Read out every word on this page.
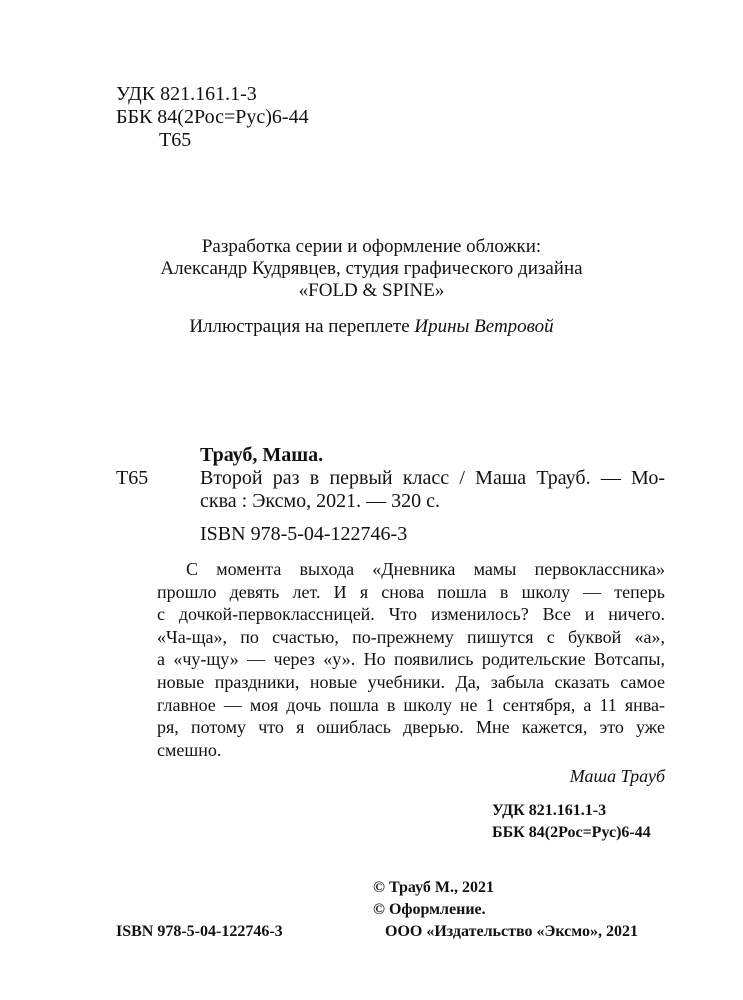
УДК 821.161.1-3
ББК 84(2Рос=Рус)6-44
Т65
Разработка серии и оформление обложки:
Александр Кудрявцев, студия графического дизайна
«FOLD & SPINE»
Иллюстрация на переплете Ирины Ветровой
Трауб, Маша.
Т65	Второй раз в первый класс / Маша Трауб. — Мо-
сква : Эксмо, 2021. — 320 с.
ISBN 978-5-04-122746-3
С момента выхода «Дневника мамы первоклассника»
прошло девять лет. И я снова пошла в школу — теперь
с дочкой-первоклассницей. Что изменилось? Все и ничего.
«Ча-ща», по счастью, по-прежнему пишутся с буквой «а»,
а «чу-щу» — через «у». Но появились родительские Вотсапы,
новые праздники, новые учебники. Да, забыла сказать самое
главное — моя дочь пошла в школу не 1 сентября, а 11 янва-
ря, потому что я ошиблась дверью. Мне кажется, это уже
смешно.
Маша Трауб
УДК 821.161.1-3
ББК 84(2Рос=Рус)6-44
© Трауб М., 2021
© Оформление.
ООО «Издательство «Эксмо», 2021
ISBN 978-5-04-122746-3
